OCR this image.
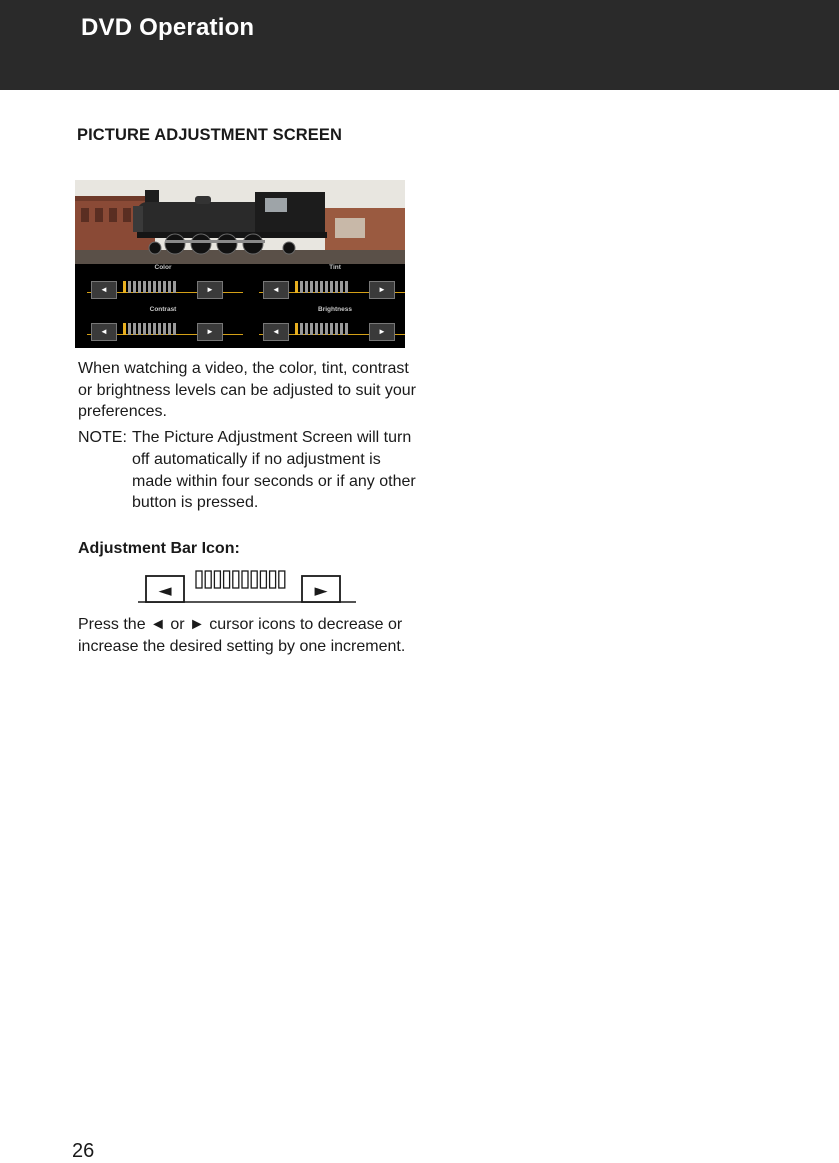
DVD Operation
PICTURE ADJUSTMENT SCREEN
Color
◄	►
Tint
◄	►
Contrast
◄	►
Brightness
◄	►
When watching a video, the color, tint, contrast or brightness levels can be adjusted to suit your preferences.
NOTE: The Picture Adjustment Screen will turn off automatically if no adjustment is made within four seconds or if any other button is pressed.
Adjustment Bar Icon:
◄	►
Press the ◄ or ► cursor icons to decrease or increase the desired setting by one increment.
26
